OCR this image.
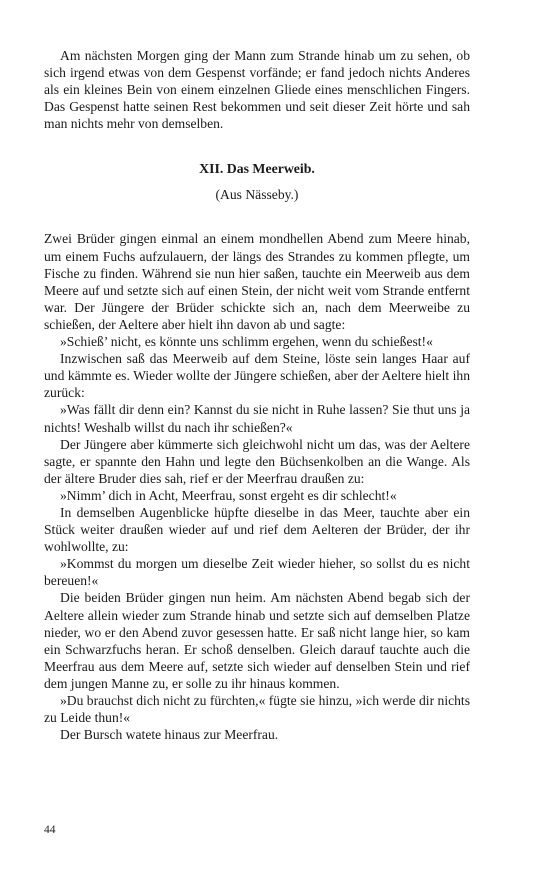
Am nächsten Morgen ging der Mann zum Strande hinab um zu sehen, ob sich irgend etwas von dem Gespenst vorfände; er fand jedoch nichts Anderes als ein kleines Bein von einem einzelnen Gliede eines menschlichen Fingers. Das Gespenst hatte seinen Rest bekommen und seit dieser Zeit hörte und sah man nichts mehr von demselben.

XII. Das Meerweib.
(Aus Nässeby.)

Zwei Brüder gingen einmal an einem mondhellen Abend zum Meere hinab, um einem Fuchs aufzulauern, der längs des Strandes zu kommen pflegte, um Fische zu finden. Während sie nun hier saßen, tauchte ein Meerweib aus dem Meere auf und setzte sich auf einen Stein, der nicht weit vom Strande entfernt war. Der Jüngere der Brüder schickte sich an, nach dem Meerweibe zu schießen, der Aeltere aber hielt ihn davon ab und sagte:

»Schieß’ nicht, es könnte uns schlimm ergehen, wenn du schießest!«

Inzwischen saß das Meerweib auf dem Steine, löste sein langes Haar auf und kämmte es. Wieder wollte der Jüngere schießen, aber der Aeltere hielt ihn zurück:

»Was fällt dir denn ein? Kannst du sie nicht in Ruhe lassen? Sie thut uns ja nichts! Weshalb willst du nach ihr schießen?«

Der Jüngere aber kümmerte sich gleichwohl nicht um das, was der Aeltere sagte, er spannte den Hahn und legte den Büchsenkolben an die Wange. Als der ältere Bruder dies sah, rief er der Meerfrau draußen zu:

»Nimm’ dich in Acht, Meerfrau, sonst ergeht es dir schlecht!«

In demselben Augenblicke hüpfte dieselbe in das Meer, tauchte aber ein Stück weiter draußen wieder auf und rief dem Aelteren der Brüder, der ihr wohlwollte, zu:

»Kommst du morgen um dieselbe Zeit wieder hieher, so sollst du es nicht bereuen!«

Die beiden Brüder gingen nun heim. Am nächsten Abend begab sich der Aeltere allein wieder zum Strande hinab und setzte sich auf demselben Platze nieder, wo er den Abend zuvor gesessen hatte. Er saß nicht lange hier, so kam ein Schwarzfuchs heran. Er schoß denselben. Gleich darauf tauchte auch die Meerfrau aus dem Meere auf, setzte sich wieder auf denselben Stein und rief dem jungen Manne zu, er solle zu ihr hinaus kommen.

»Du brauchst dich nicht zu fürchten,« fügte sie hinzu, »ich werde dir nichts zu Leide thun!«

Der Bursch watete hinaus zur Meerfrau.

44
